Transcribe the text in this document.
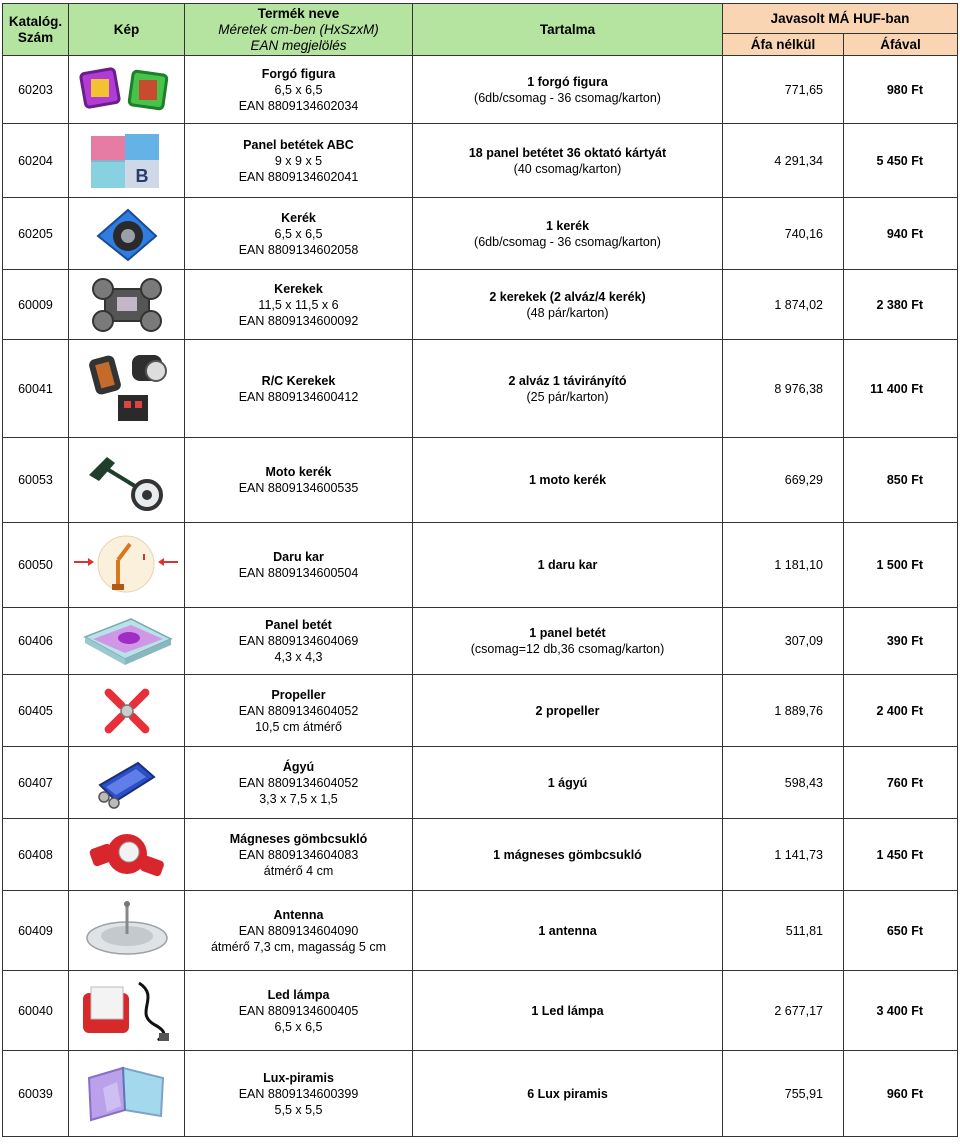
Katalóg.
Szám	Kép	Termék neve
Méretek cm-ben (HxSzxM)
EAN megjelölés	Tartalma	Javasolt MÁ HUF-ban	
				Áfa nélkül	Áfával
60203		Forgó figura
6,5 x 6,5
EAN 8809134602034	1 forgó figura
(6db/csomag - 36 csomag/karton)	771,65	980 Ft
60204	B	Panel betétek ABC
9 x 9 x 5
EAN 8809134602041	18 panel betétet 36 oktató kártyát
(40 csomag/karton)	4 291,34	5 450 Ft
60205		Kerék
6,5 x 6,5
EAN 8809134602058	1 kerék
(6db/csomag - 36 csomag/karton)	740,16	940 Ft
60009		Kerekek
11,5 x 11,5 x 6
EAN 8809134600092	2 kerekek (2 alváz/4 kerék)
(48 pár/karton)	1 874,02	2 380 Ft
60041		R/C Kerekek
EAN 8809134600412	2 alváz 1 távirányító
(25 pár/karton)	8 976,38	11 400 Ft
60053		Moto kerék
EAN 8809134600535	1 moto kerék	669,29	850 Ft
60050		Daru kar
EAN 8809134600504	1 daru kar	1 181,10	1 500 Ft
60406		Panel betét
EAN 8809134604069
4,3 x 4,3	1 panel betét
(csomag=12 db,36 csomag/karton)	307,09	390 Ft
60405		Propeller
EAN 8809134604052
10,5 cm átmérő	2 propeller	1 889,76	2 400 Ft
60407		Ágyú
EAN 8809134604052
3,3 x 7,5 x 1,5	1 ágyú	598,43	760 Ft
60408		Mágneses gömbcsukló
EAN 8809134604083
átmérő 4 cm	1 mágneses gömbcsukló	1 141,73	1 450 Ft
60409		Antenna
EAN 8809134604090
átmérő 7,3 cm, magasság 5 cm	1 antenna	511,81	650 Ft
60040		Led lámpa
EAN 8809134600405
6,5 x 6,5	1 Led lámpa	2 677,17	3 400 Ft
60039		Lux-piramis
EAN 8809134600399
5,5 x 5,5	6 Lux piramis	755,91	960 Ft
